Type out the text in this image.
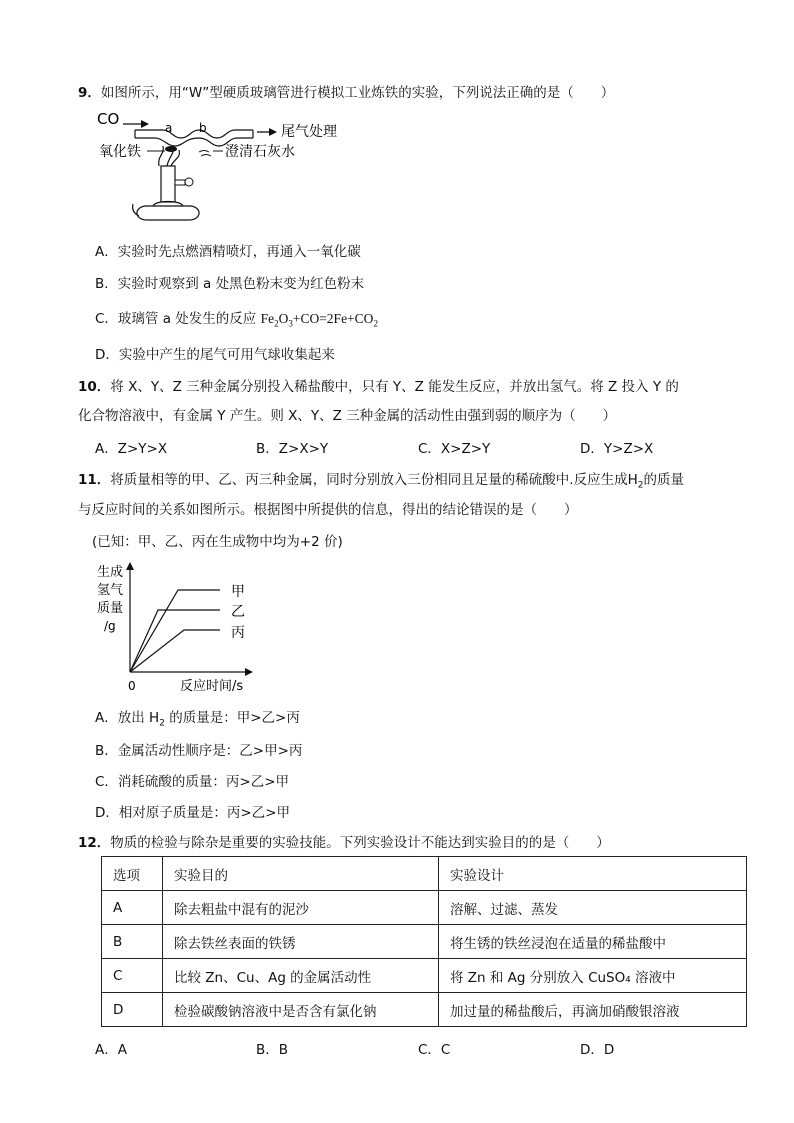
9．如图所示，用“W”型硬质玻璃管进行模拟工业炼铁的实验，下列说法正确的是（　　）
CO	a b	尾气处理
氧化铁	澄清石灰水
A．实验时先点燃酒精喷灯，再通入一氧化碳
B．实验时观察到 a 处黑色粉末变为红色粉末
C．玻璃管 a 处发生的反应 $Fe_2O_3+CO=2Fe+CO_2$
D．实验中产生的尾气可用气球收集起来
10．将 X、Y、Z 三种金属分别投入稀盐酸中，只有 Y、Z 能发生反应，并放出氢气。将 Z 投入 Y 的
化合物溶液中，有金属 Y 产生。则 X、Y、Z 三种金属的活动性由强到弱的顺序为（　　）
A．Z>Y>X	B．Z>X>Y	C．X>Z>Y	D．Y>Z>X
11．将质量相等的甲、乙、丙三种金属，同时分别放入三份相同且足量的稀硫酸中.反应生成$H_2$的质量
与反应时间的关系如图所示。根据图中所提供的信息，得出的结论错误的是（　　）
(已知：甲、乙、丙在生成物中均为+2 价)
生成
氢气
质量
/g
甲
乙
丙
0	反应时间/s
A．放出 $H_2$ 的质量是：甲>乙>丙
B．金属活动性顺序是：乙>甲>丙
C．消耗硫酸的质量：丙>乙>甲
D．相对原子质量是：丙>乙>甲
12．物质的检验与除杂是重要的实验技能。下列实验设计不能达到实验目的的是（　　）
选项	实验目的	实验设计
A	除去粗盐中混有的泥沙	溶解、过滤、蒸发
B	除去铁丝表面的铁锈	将生锈的铁丝浸泡在适量的稀盐酸中
C	比较 Zn、Cu、Ag 的金属活动性	将 Zn 和 Ag 分别放入 CuSO₄ 溶液中
D	检验碳酸钠溶液中是否含有氯化钠	加过量的稀盐酸后，再滴加硝酸银溶液
A．A	B．B	C．C	D．D
